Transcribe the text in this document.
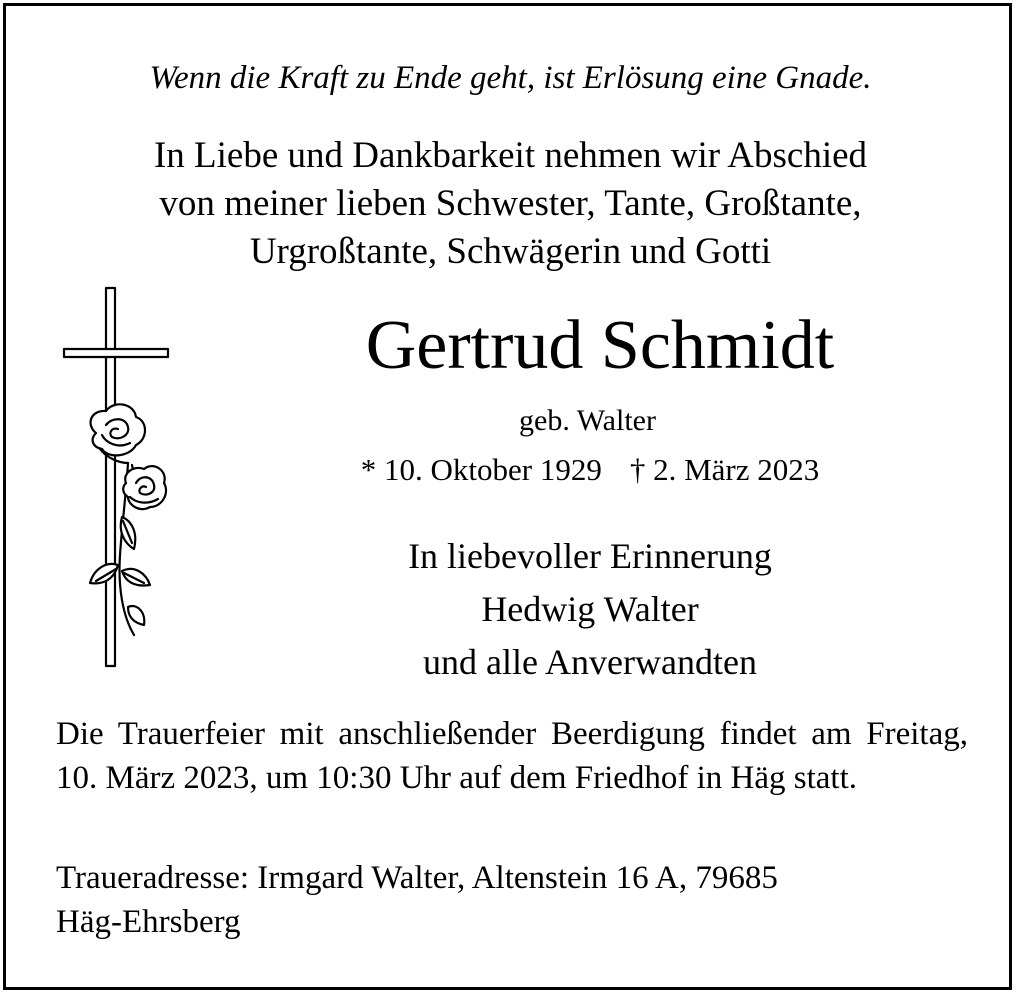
Wenn die Kraft zu Ende geht, ist Erlösung eine Gnade.
In Liebe und Dankbarkeit nehmen wir Abschied
von meiner lieben Schwester, Tante, Großtante,
Urgroßtante, Schwägerin und Gotti
Gertrud Schmidt
geb. Walter
* 10. Oktober 1929 † 2. März 2023
In liebevoller Erinnerung
Hedwig Walter
und alle Anverwandten

Die Trauerfeier mit anschließender Beerdigung findet am Freitag, 10. März 2023, um 10:30 Uhr auf dem Friedhof in Häg statt.

Traueradresse: Irmgard Walter, Altenstein 16 A, 79685
Häg-Ehrsberg
